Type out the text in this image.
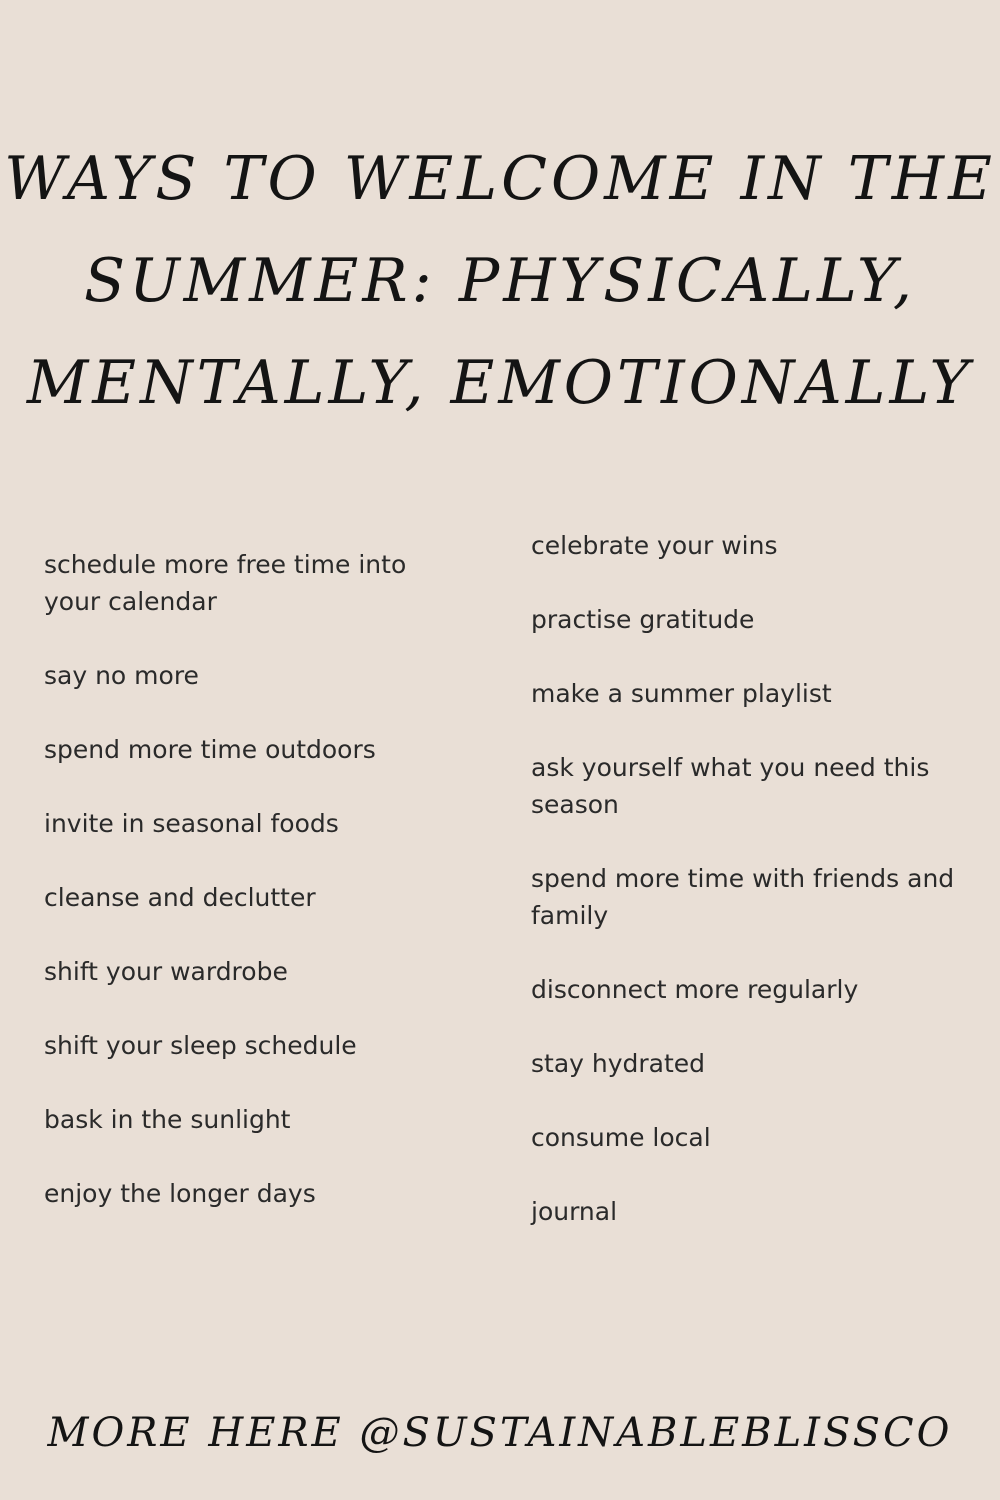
WAYS TO WELCOME IN THE
SUMMER: PHYSICALLY,
MENTALLY, EMOTIONALLY

schedule more free time into your calendar

say no more

spend more time outdoors

invite in seasonal foods

cleanse and declutter

shift your wardrobe

shift your sleep schedule

bask in the sunlight

enjoy the longer days

celebrate your wins

practise gratitude

make a summer playlist

ask yourself what you need this season

spend more time with friends and family

disconnect more regularly

stay hydrated

consume local

journal

MORE HERE @SUSTAINABLEBLISSCO
